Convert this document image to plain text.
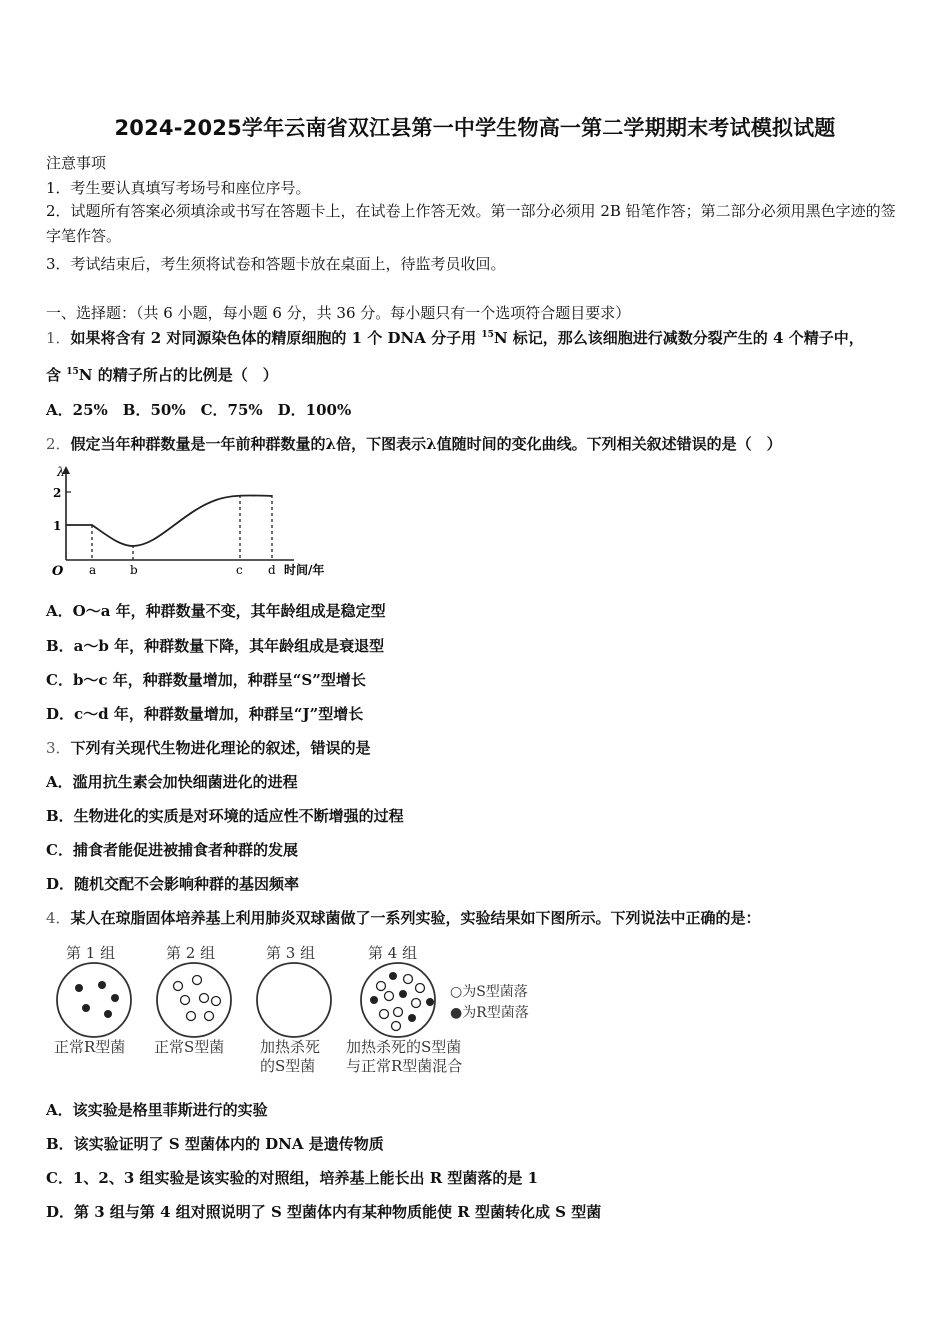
2024-2025学年云南省双江县第一中学生物高一第二学期期末考试模拟试题
注意事项
1．考生要认真填写考场号和座位序号。
2．试题所有答案必须填涂或书写在答题卡上，在试卷上作答无效。第一部分必须用 2B 铅笔作答；第二部分必须用黑色字迹的签字笔作答。
3．考试结束后，考生须将试卷和答题卡放在桌面上，待监考员收回。
一、选择题：（共 6 小题，每小题 6 分，共 36 分。每小题只有一个选项符合题目要求）
1．如果将含有 2 对同源染色体的精原细胞的 1 个 DNA 分子用 $^{15}$N 标记，那么该细胞进行减数分裂产生的 4 个精子中，
含 $^{15}$N 的精子所占的比例是（　）
A．25%　B．50%　C．75%　D．100%
2．假定当年种群数量是一年前种群数量的λ倍，下图表示λ值随时间的变化曲线。下列相关叙述错误的是（　）
λ
2
1
O a	b	c d 时间/年
A．O～a 年，种群数量不变，其年龄组成是稳定型
B．a～b 年，种群数量下降，其年龄组成是衰退型
C．b～c 年，种群数量增加，种群呈“S”型增长
D．c～d 年，种群数量增加，种群呈“J”型增长
3．下列有关现代生物进化理论的叙述，错误的是
A．滥用抗生素会加快细菌进化的进程
B．生物进化的实质是对环境的适应性不断增强的过程
C．捕食者能促进被捕食者种群的发展
D．随机交配不会影响种群的基因频率
4．某人在琼脂固体培养基上利用肺炎双球菌做了一系列实验，实验结果如下图所示。下列说法中正确的是：
第 1 组	第 2 组	第 3 组	第 4 组
○为S型菌落
●为R型菌落
正常R型菌 正常S型菌 加热杀死
的S型菌
加热杀死的S型菌
与正常R型菌混合
A．该实验是格里菲斯进行的实验
B．该实验证明了 S 型菌体内的 DNA 是遗传物质
C．1、2、3 组实验是该实验的对照组，培养基上能长出 R 型菌落的是 1
D．第 3 组与第 4 组对照说明了 S 型菌体内有某种物质能使 R 型菌转化成 S 型菌
